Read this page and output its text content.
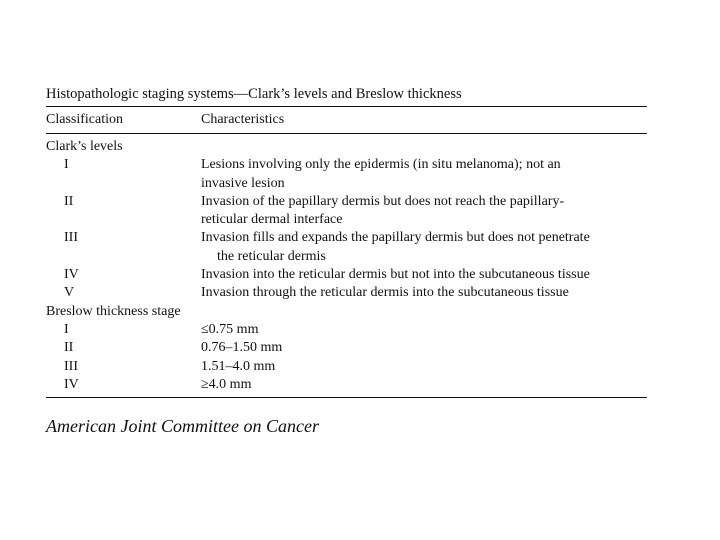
Histopathologic staging systems—Clark’s levels and Breslow thickness
Classification	Characteristics
Clark’s levels
I	Lesions involving only the epidermis (in situ melanoma); not an
invasive lesion
II	Invasion of the papillary dermis but does not reach the papillary-
reticular dermal interface
III	Invasion fills and expands the papillary dermis but does not penetrate
the reticular dermis
IV	Invasion into the reticular dermis but not into the subcutaneous tissue
V	Invasion through the reticular dermis into the subcutaneous tissue
Breslow thickness stage
I	≤0.75 mm
II	0.76–1.50 mm
III	1.51–4.0 mm
IV	≥4.0 mm
American Joint Committee on Cancer
